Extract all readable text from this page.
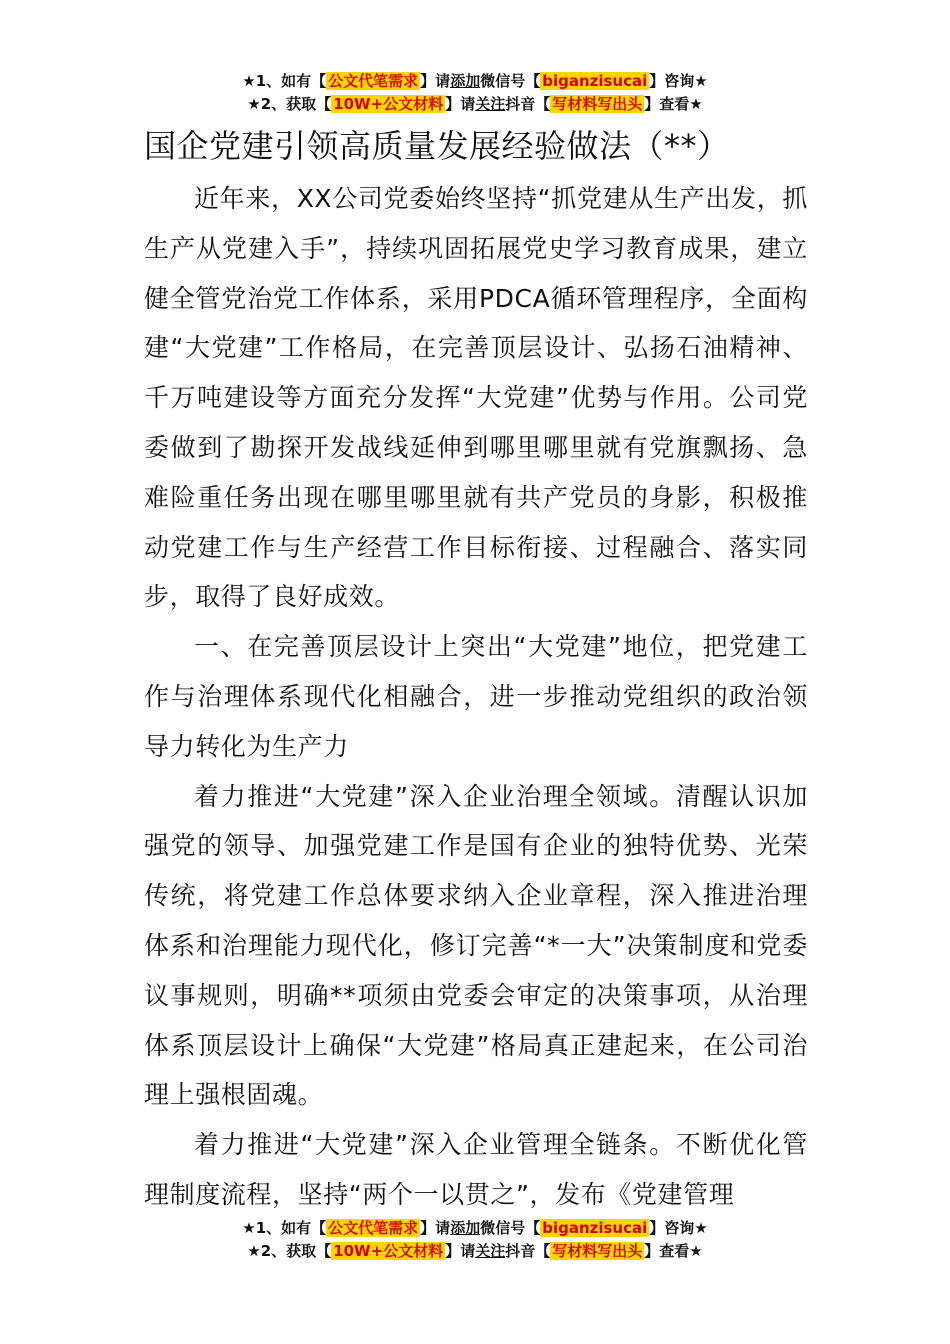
★1、如有【 公文代笔需求 】请添加微信号【 biganzisucai 】咨询★
★2、获取【 10W+公文材料 】请关注抖音【 写材料写出头 】查看★
国企党建引领高质量发展经验做法（**）

近年来，XX公司党委始终坚持“抓党建从生产出发，抓生产从党建入手”，持续巩固拓展党史学习教育成果，建立健全管党治党工作体系，采用PDCA循环管理程序，全面构建“大党建”工作格局，在完善顶层设计、弘扬石油精神、千万吨建设等方面充分发挥“大党建”优势与作用。公司党委做到了勘探开发战线延伸到哪里哪里就有党旗飘扬、急难险重任务出现在哪里哪里就有共产党员的身影，积极推动党建工作与生产经营工作目标衔接、过程融合、落实同步，取得了良好成效。

一、在完善顶层设计上突出“大党建”地位，把党建工作与治理体系现代化相融合，进一步推动党组织的政治领导力转化为生产力

着力推进“大党建”深入企业治理全领域。清醒认识加强党的领导、加强党建工作是国有企业的独特优势、光荣传统，将党建工作总体要求纳入企业章程，深入推进治理体系和治理能力现代化，修订完善“*一大”决策制度和党委议事规则，明确**项须由党委会审定的决策事项，从治理体系顶层设计上确保“大党建”格局真正建起来，在公司治理上强根固魂。

着力推进“大党建”深入企业管理全链条。不断优化管理制度流程，坚持“两个一以贯之”，发布《党建管理

★1、如有【 公文代笔需求 】请添加微信号【 biganzisucai 】咨询★
★2、获取【 10W+公文材料 】请关注抖音【 写材料写出头 】查看★
